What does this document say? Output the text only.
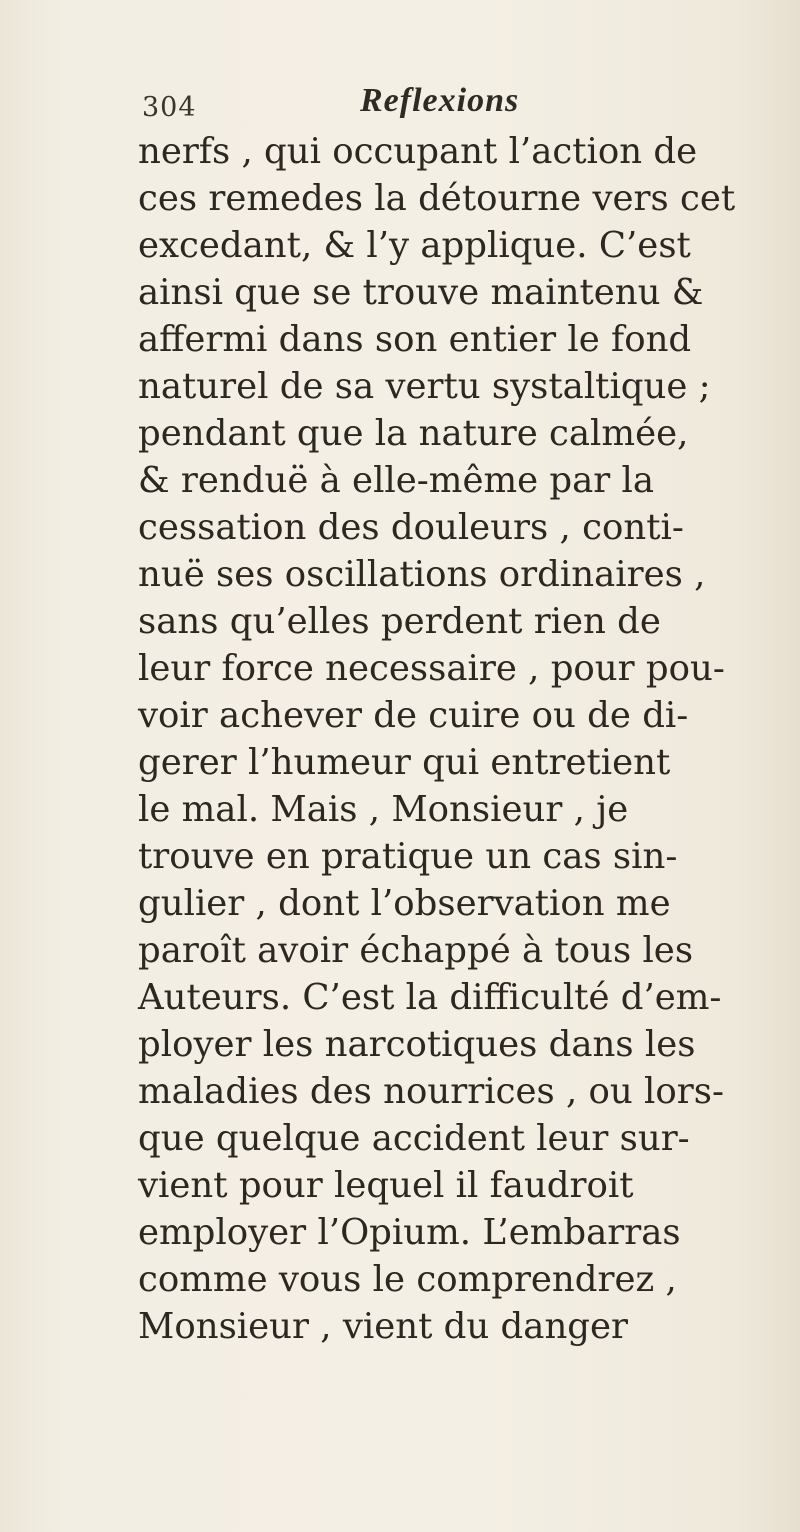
304	Reflexions
nerfs , qui occupant l’action de
ces remedes la détourne vers cet
excedant, & l’y applique. C’est
ainsi que se trouve maintenu &
affermi dans son entier le fond
naturel de sa vertu systaltique ;
pendant que la nature calmée,
& renduë à elle-même par la
cessation des douleurs , conti-
nuë ses oscillations ordinaires ,
sans qu’elles perdent rien de
leur force necessaire , pour pou-
voir achever de cuire ou de di-
gerer l’humeur qui entretient
le mal. Mais , Monsieur , je
trouve en pratique un cas sin-
gulier , dont l’observation me
paroît avoir échappé à tous les
Auteurs. C’est la difficulté d’em-
ployer les narcotiques dans les
maladies des nourrices , ou lors-
que quelque accident leur sur-
vient pour lequel il faudroit
employer l’Opium. L’embarras
comme vous le comprendrez ,
Monsieur , vient du danger
